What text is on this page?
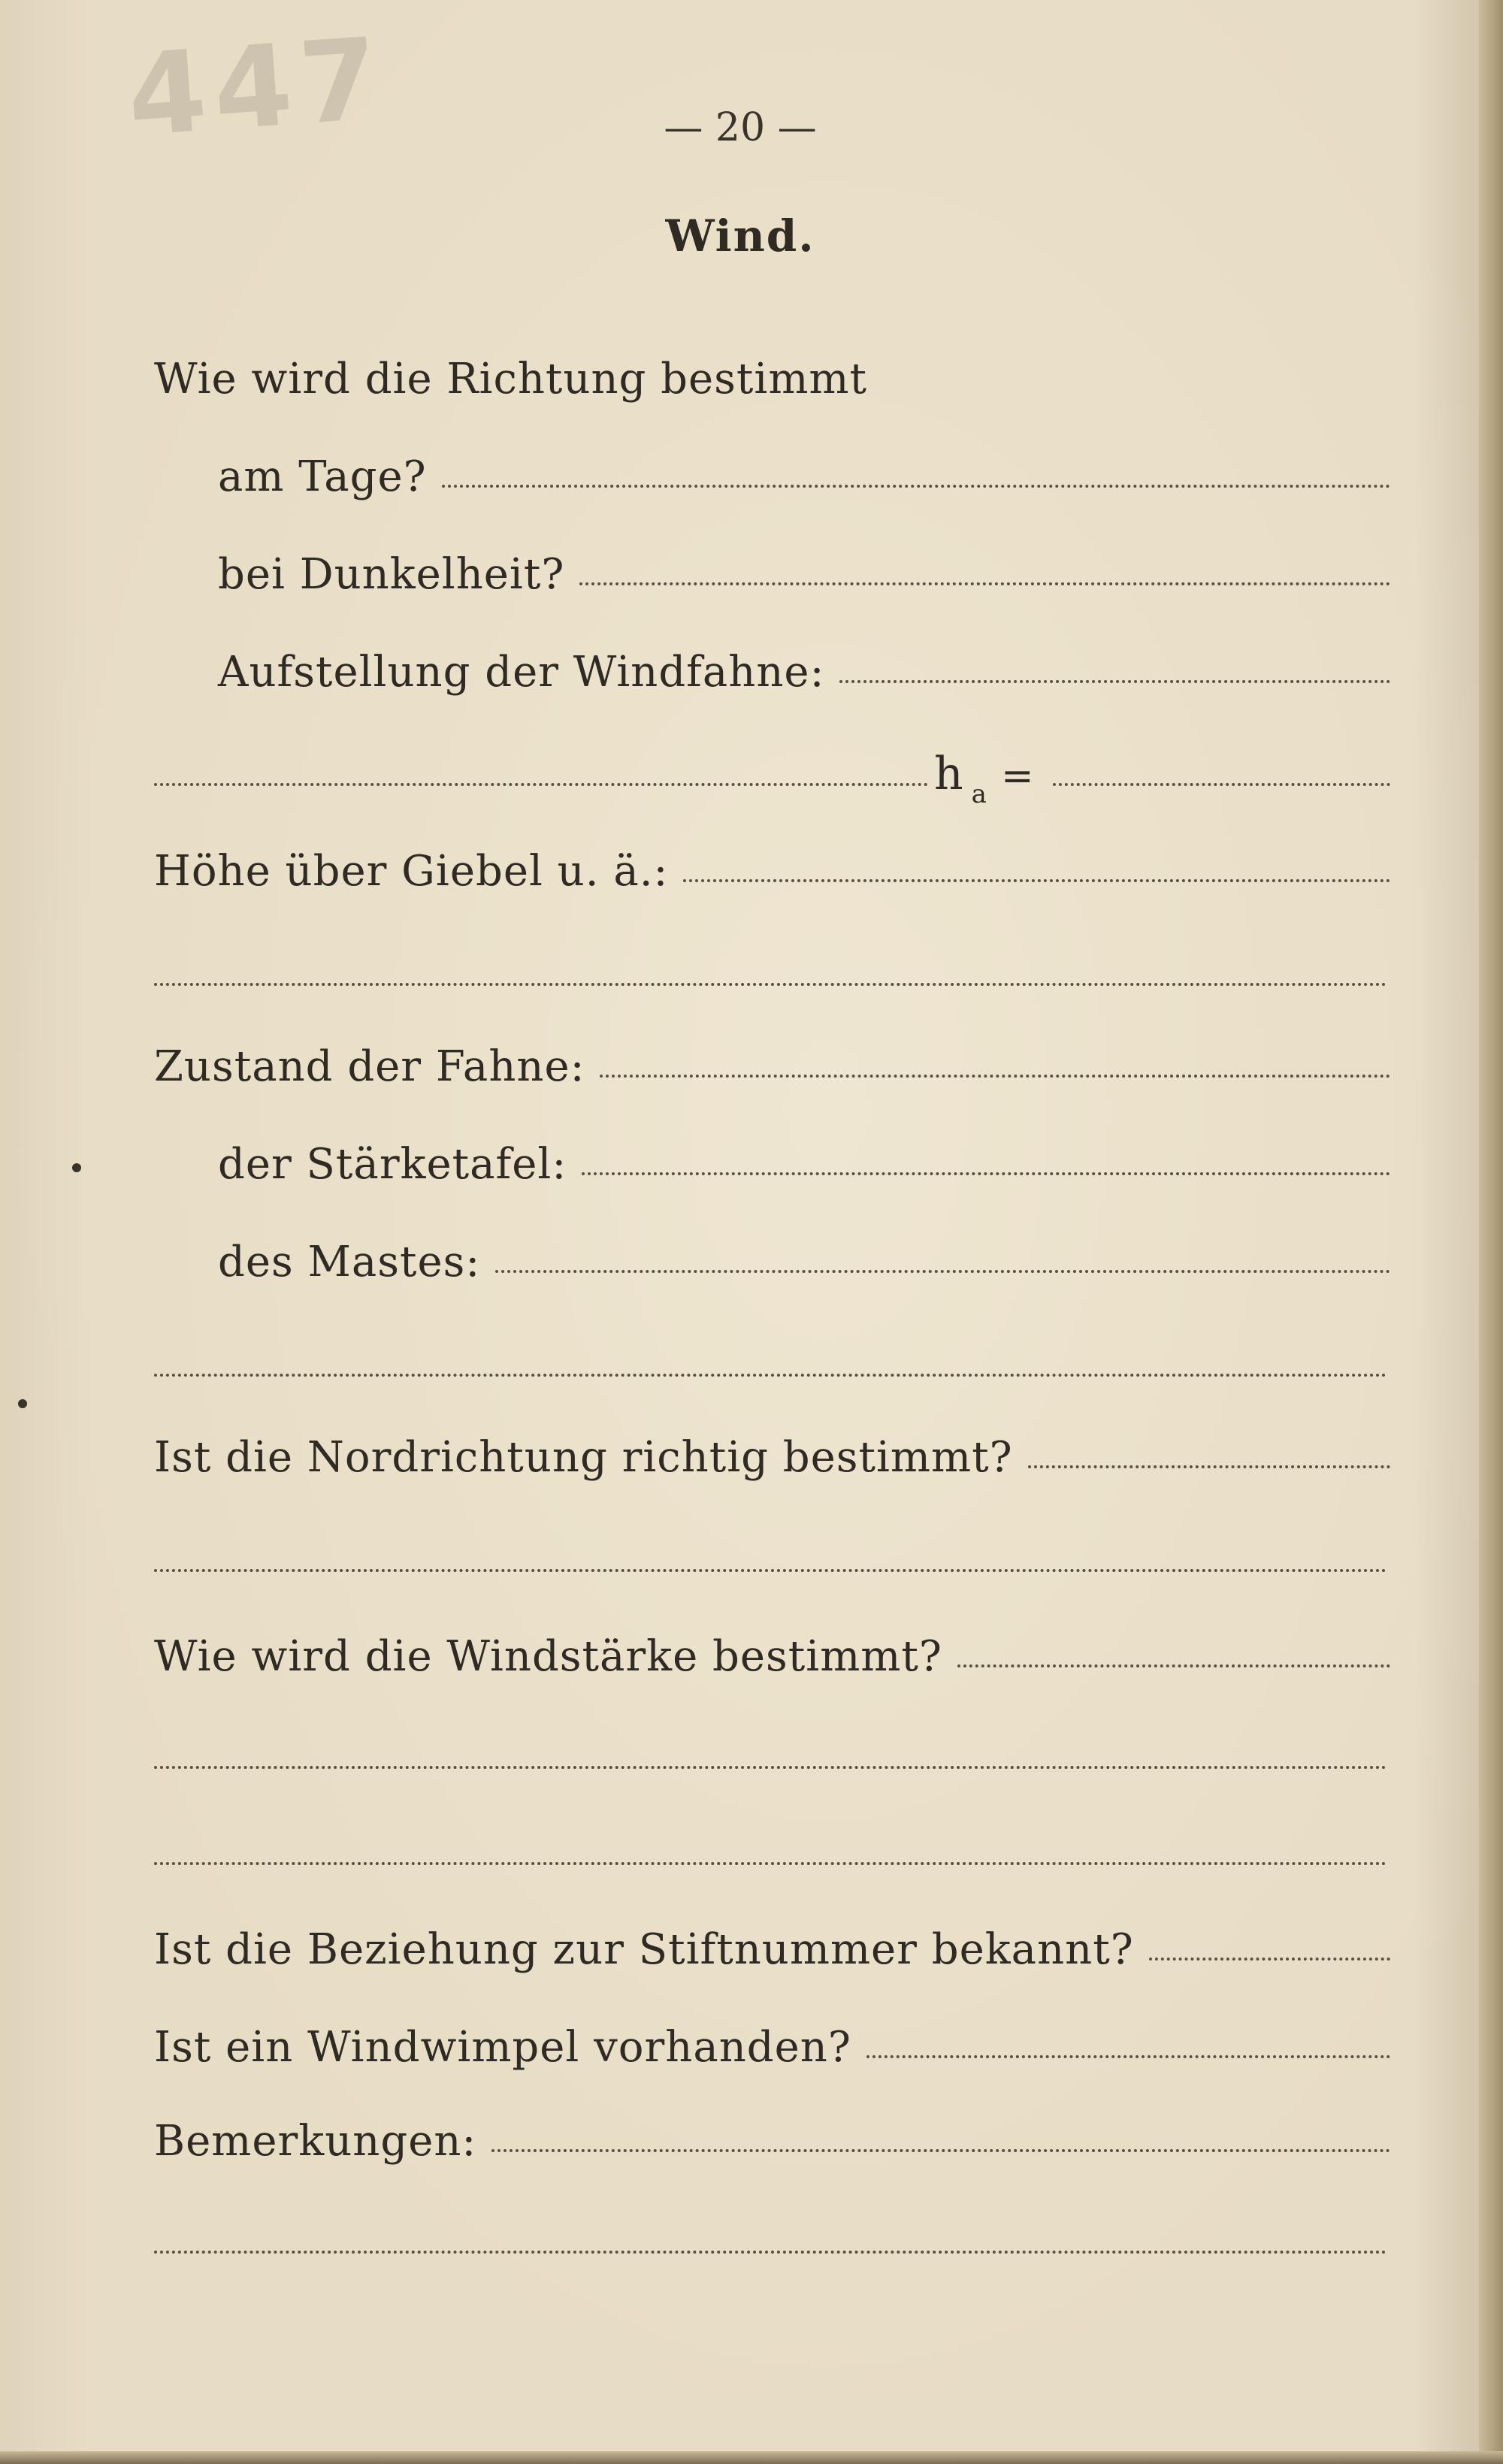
447	— 20 —
Wind.
Wie wird die Richtung bestimmt
am Tage?
bei Dunkelheit?
Aufstellung der Windfahne:
h a =
Höhe über Giebel u. ä.:
Zustand der Fahne:
der Stärketafel:
des Mastes:
Ist die Nordrichtung richtig bestimmt?
Wie wird die Windstärke bestimmt?
Ist die Beziehung zur Stiftnummer bekannt?
Ist ein Windwimpel vorhanden?
Bemerkungen:
